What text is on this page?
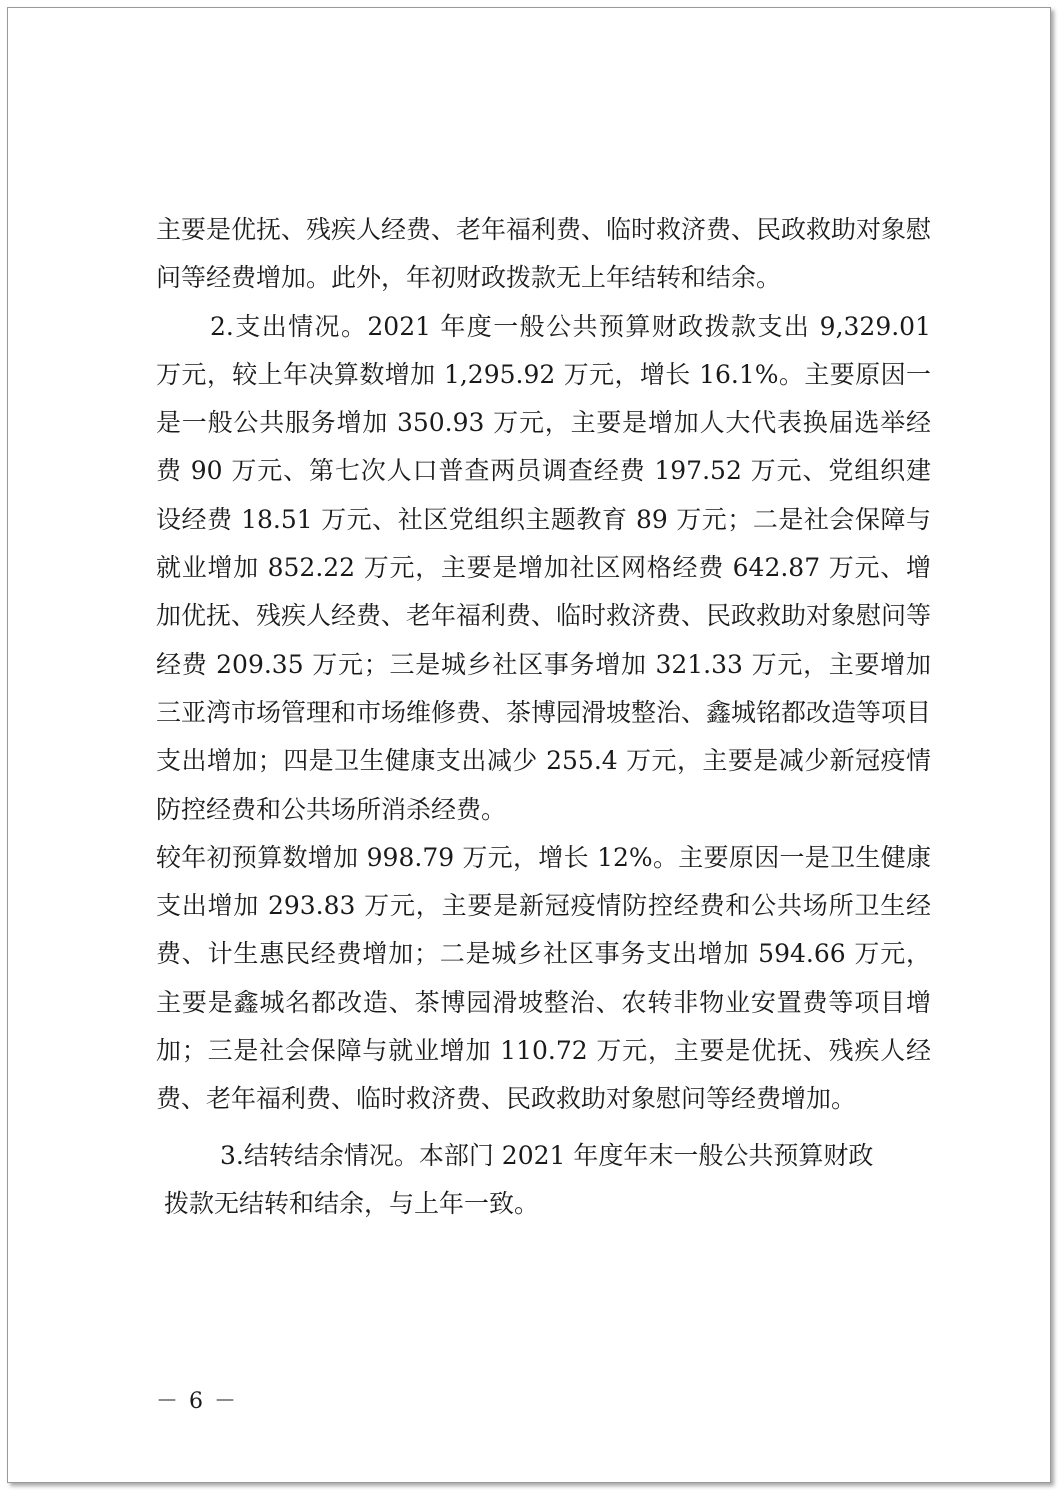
主要是优抚、残疾人经费、老年福利费、临时救济费、民政救助对象慰问等经费增加。此外，年初财政拨款无上年结转和结余。

2.支出情况。2021 年度一般公共预算财政拨款支出 9,329.01 万元，较上年决算数增加 1,295.92 万元，增长 16.1%。主要原因一是一般公共服务增加 350.93 万元，主要是增加人大代表换届选举经费 90 万元、第七次人口普查两员调查经费 197.52 万元、党组织建设经费 18.51 万元、社区党组织主题教育 89 万元；二是社会保障与就业增加 852.22 万元，主要是增加社区网格经费 642.87 万元、增加优抚、残疾人经费、老年福利费、临时救济费、民政救助对象慰问等经费 209.35 万元；三是城乡社区事务增加 321.33 万元，主要增加三亚湾市场管理和市场维修费、茶博园滑坡整治、鑫城铭都改造等项目支出增加；四是卫生健康支出减少 255.4 万元，主要是减少新冠疫情防控经费和公共场所消杀经费。

较年初预算数增加 998.79 万元，增长 12%。主要原因一是卫生健康支出增加 293.83 万元，主要是新冠疫情防控经费和公共场所卫生经费、计生惠民经费增加；二是城乡社区事务支出增加 594.66 万元，主要是鑫城名都改造、茶博园滑坡整治、农转非物业安置费等项目增加；三是社会保障与就业增加 110.72 万元，主要是优抚、残疾人经费、老年福利费、临时救济费、民政救助对象慰问等经费增加。

3.结转结余情况。本部门 2021 年度年末一般公共预算财政

拨款无结转和结余，与上年一致。

－ 6 －
